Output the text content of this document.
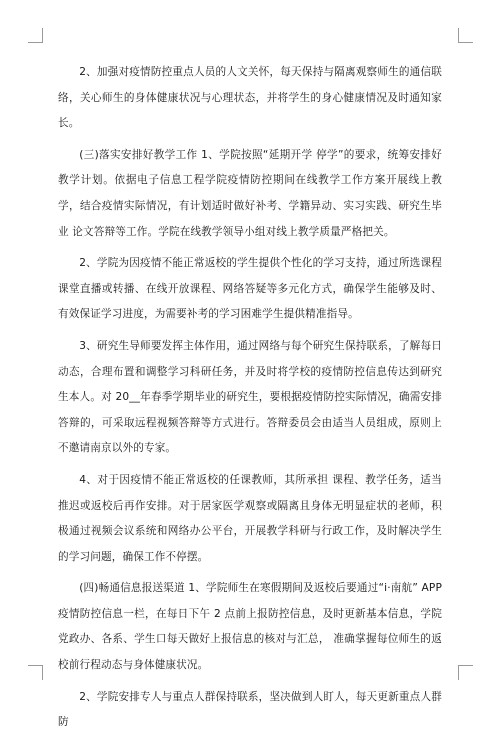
2、加强对疫情防控重点人员的人文关怀，每天保持与隔离观察师生的通信联络，关心师生的身体健康状况与心理状态，并将学生的身心健康情况及时通知家长。

(三)落实安排好教学工作 1、学院按照“延期开学 停学”的要求，统筹安排好教学计划。依据电子信息工程学院疫情防控期间在线教学工作方案开展线上教学，结合疫情实际情况，有计划适时做好补考、学籍异动、实习实践、研究生毕业 论文答辩等工作。学院在线教学领导小组对线上教学质量严格把关。

2、学院为因疫情不能正常返校的学生提供个性化的学习支持，通过所选课程课堂直播或转播、在线开放课程、网络答疑等多元化方式，确保学生能够及时、有效保证学习进度，为需要补考的学习困难学生提供精准指导。

3、研究生导师要发挥主体作用，通过网络与每个研究生保持联系，了解每日动态，合理布置和调整学习科研任务，并及时将学校的疫情防控信息传达到研究生本人。对 20__年春季学期毕业的研究生，要根据疫情防控实际情况，确需安排答辩的，可采取远程视频答辩等方式进行。答辩委员会由适当人员组成，原则上不邀请南京以外的专家。

4、对于因疫情不能正常返校的任课教师，其所承担 课程、教学任务，适当推迟或返校后再作安排。对于居家医学观察或隔离且身体无明显症状的老师，积极通过视频会议系统和网络办公平台，开展教学科研与行政工作，及时解决学生的学习问题，确保工作不停摆。

(四)畅通信息报送渠道 1、学院师生在寒假期间及返校后要通过“i·南航” APP 疫情防控信息一栏，在每日下午 2 点前上报防控信息，及时更新基本信息，学院党政办、各系、学生口每天做好上报信息的核对与汇总， 准确掌握每位师生的返校前行程动态与身体健康状况。

2、学院安排专人与重点人群保持联系，坚决做到人盯人，每天更新重点人群防
